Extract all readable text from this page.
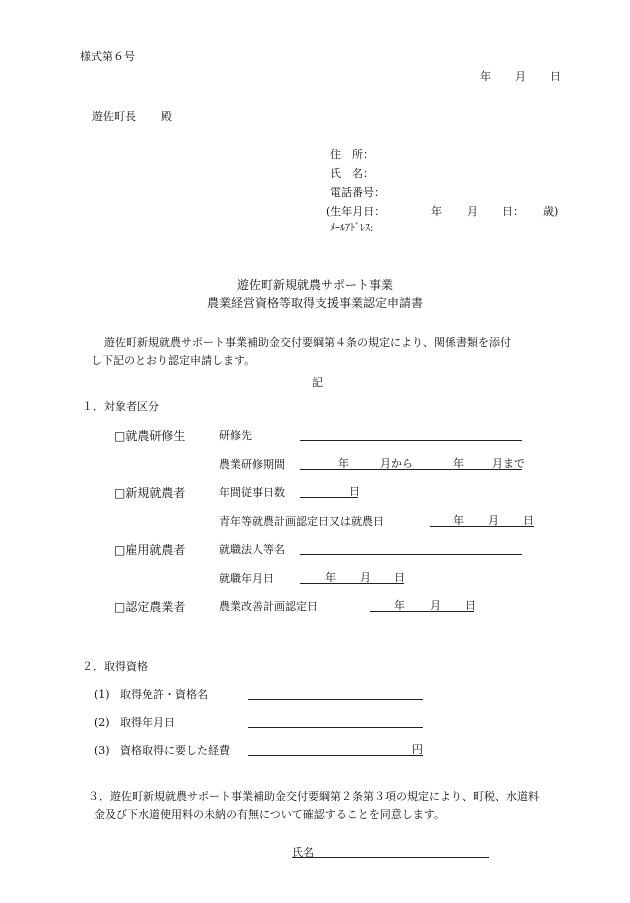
様式第６号
年 月 日
遊佐町長 殿
住　所：
氏　名：
電話番号：
(生年月日：	年 月 日： 歳)
ﾒｰﾙｱﾄﾞﾚｽ:
遊佐町新規就農サポート事業
農業経営資格等取得支援事業認定申請書
遊佐町新規就農サポート事業補助金交付要綱第４条の規定により、関係書類を添付
し下記のとおり認定申請します。
記
１．対象者区分
□就農研修生	研修先
農業研修期間	年	月から	年	月まで
□新規就農者	年間従事日数	日
青年等就農計画認定日又は就農日	年 月 日
□雇用就農者	就職法人等名
就職年月日	年 月 日
□認定農業者	農業改善計画認定日	年 月 日
２．取得資格
(1) 取得免許・資格名
(2) 取得年月日
(3) 資格取得に要した経費	円
３．遊佐町新規就農サポート事業補助金交付要綱第２条第３項の規定により、町税、水道料
金及び下水道使用料の未納の有無について確認することを同意します。
氏名
